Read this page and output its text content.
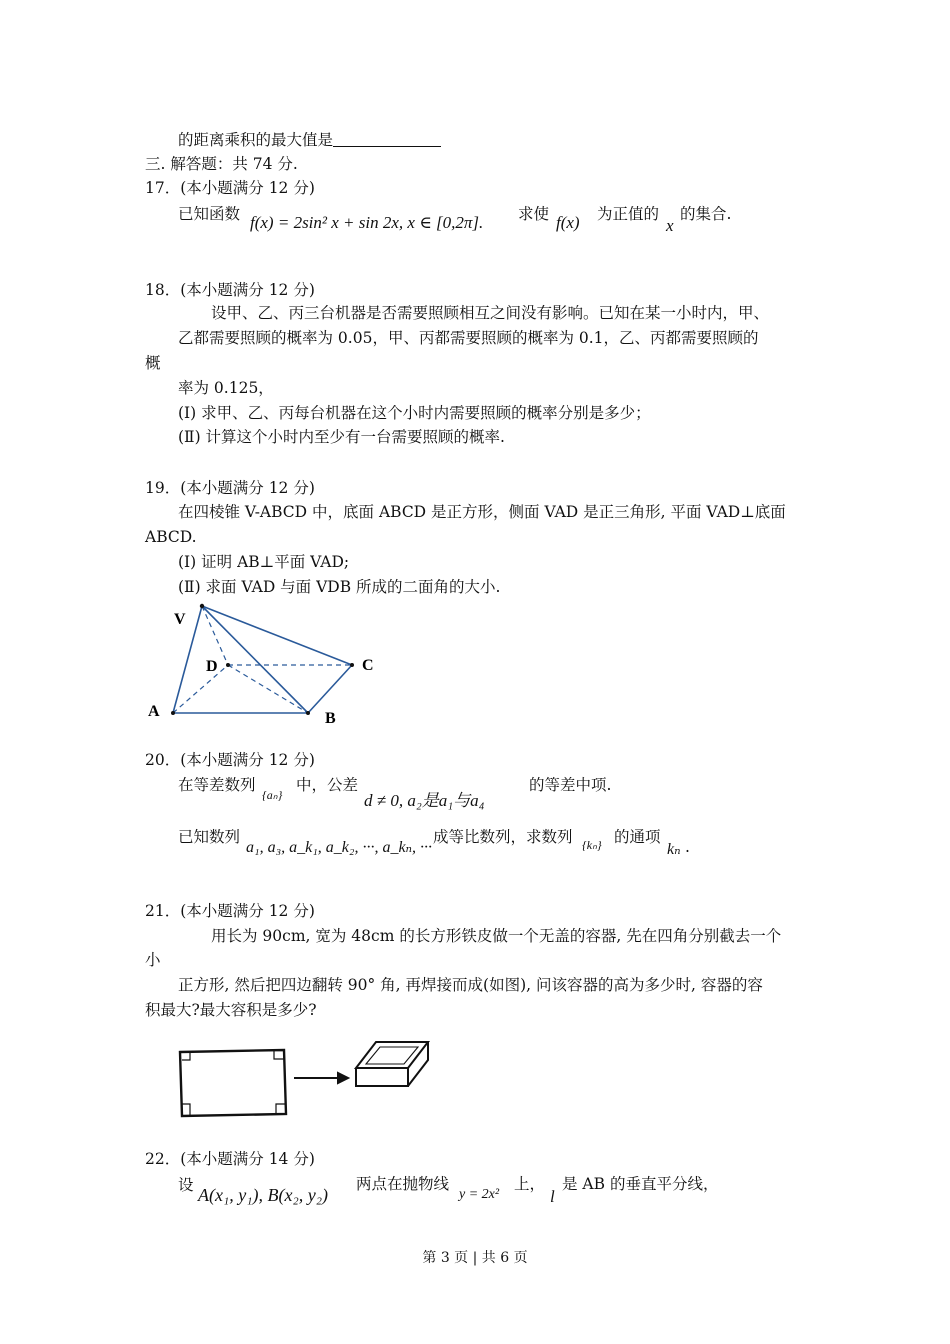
的距离乘积的最大值是
三. 解答题：共 74 分.
17．(本小题满分 12 分)
已知函数 f(x) = 2sin² x + sin 2x, x ∈ [0,2π]. 求使 f(x) 为正值的
x
的集合.
18．(本小题满分 12 分)
设甲、乙、丙三台机器是否需要照顾相互之间没有影响。已知在某一小时内，甲、
乙都需要照顾的概率为 0.05，甲、丙都需要照顾的概率为 0.1，乙、丙都需要照顾的
概
率为 0.125，
(Ⅰ) 求甲、乙、丙每台机器在这个小时内需要照顾的概率分别是多少；
(Ⅱ) 计算这个小时内至少有一台需要照顾的概率.
19．(本小题满分 12 分)
在四棱锥 V-ABCD 中，底面 ABCD 是正方形，侧面 VAD 是正三角形, 平面 VAD⊥底面
ABCD.
(Ⅰ) 证明 AB⊥平面 VAD;
(Ⅱ) 求面 VAD 与面 VDB 所成的二面角的大小.
V
D	C
A	B
20．(本小题满分 12 分)
在等差数列
{aₙ}
中，公差
d ≠ 0, a₂是a₁与a₄
的等差中项.
已知数列
a₁, a₃, a_k₁, a_k₂, ···, a_kₙ, ···
成等比数列，求数列 {kₙ} 的通项
kₙ .
21．(本小题满分 12 分)
用长为 90cm, 宽为 48cm 的长方形铁皮做一个无盖的容器, 先在四角分别截去一个
小
正方形, 然后把四边翻转 90° 角, 再焊接而成(如图), 问该容器的高为多少时, 容器的容
积最大?最大容积是多少?
22．(本小题满分 14 分)
设 A(x₁, y₁), B(x₂, y₂)
两点在抛物线
y = 2x²
上，
l
是 AB 的垂直平分线，
第 3 页 | 共 6 页
